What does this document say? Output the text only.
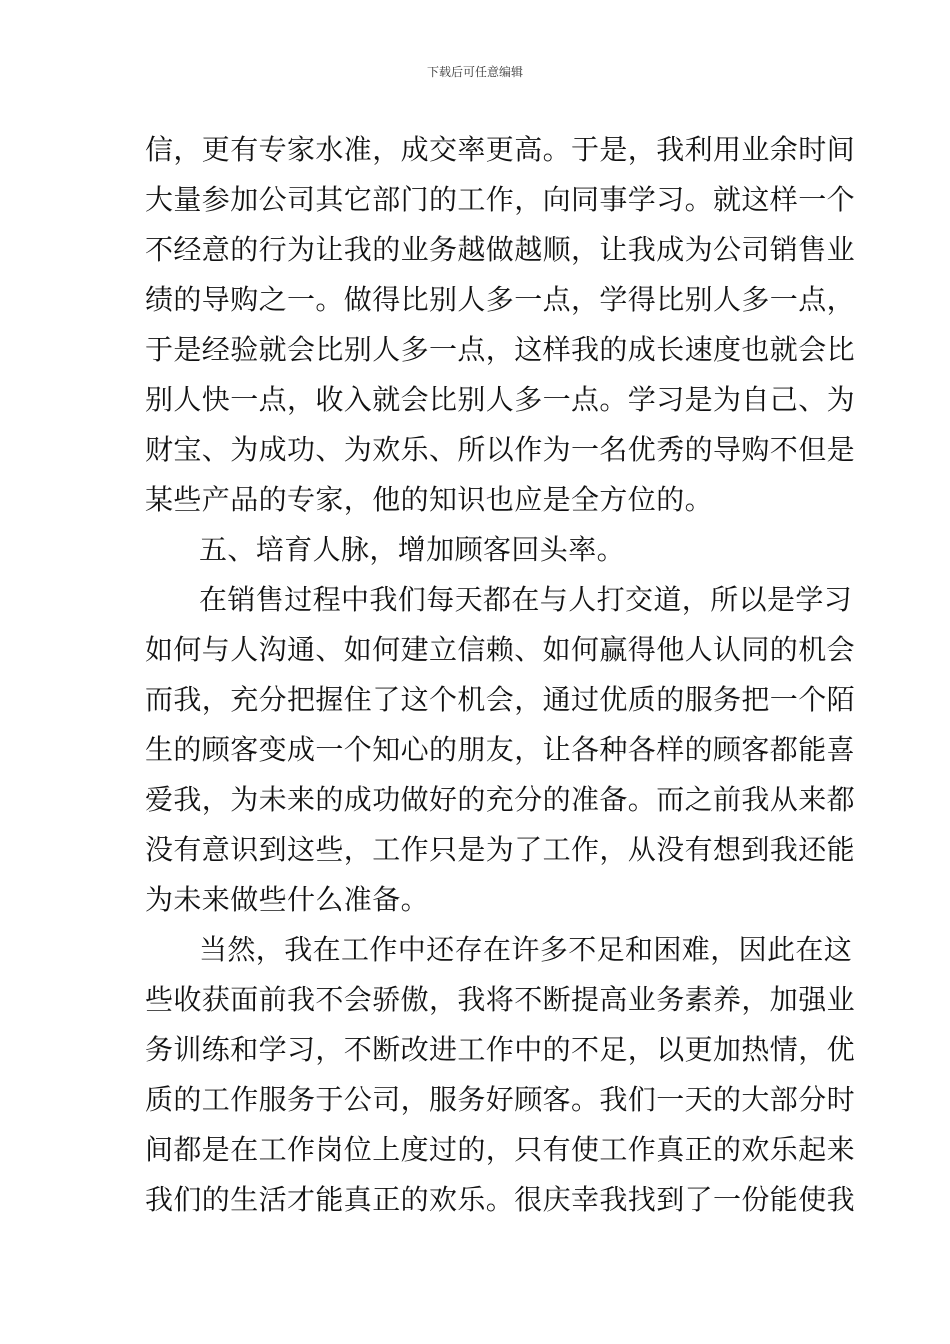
下载后可任意编辑
信，更有专家水准，成交率更高。于是，我利用业余时间
大量参加公司其它部门的工作，向同事学习。就这样一个
不经意的行为让我的业务越做越顺，让我成为公司销售业
绩的导购之一。做得比别人多一点，学得比别人多一点，
于是经验就会比别人多一点，这样我的成长速度也就会比
别人快一点，收入就会比别人多一点。学习是为自己、为
财宝、为成功、为欢乐、所以作为一名优秀的导购不但是
某些产品的专家，他的知识也应是全方位的。
五、培育人脉，增加顾客回头率。
在销售过程中我们每天都在与人打交道，所以是学习
如何与人沟通、如何建立信赖、如何赢得他人认同的机会
而我，充分把握住了这个机会，通过优质的服务把一个陌
生的顾客变成一个知心的朋友，让各种各样的顾客都能喜
爱我，为未来的成功做好的充分的准备。而之前我从来都
没有意识到这些，工作只是为了工作，从没有想到我还能
为未来做些什么准备。
当然，我在工作中还存在许多不足和困难，因此在这
些收获面前我不会骄傲，我将不断提高业务素养，加强业
务训练和学习，不断改进工作中的不足，以更加热情，优
质的工作服务于公司，服务好顾客。我们一天的大部分时
间都是在工作岗位上度过的，只有使工作真正的欢乐起来
我们的生活才能真正的欢乐。很庆幸我找到了一份能使我
